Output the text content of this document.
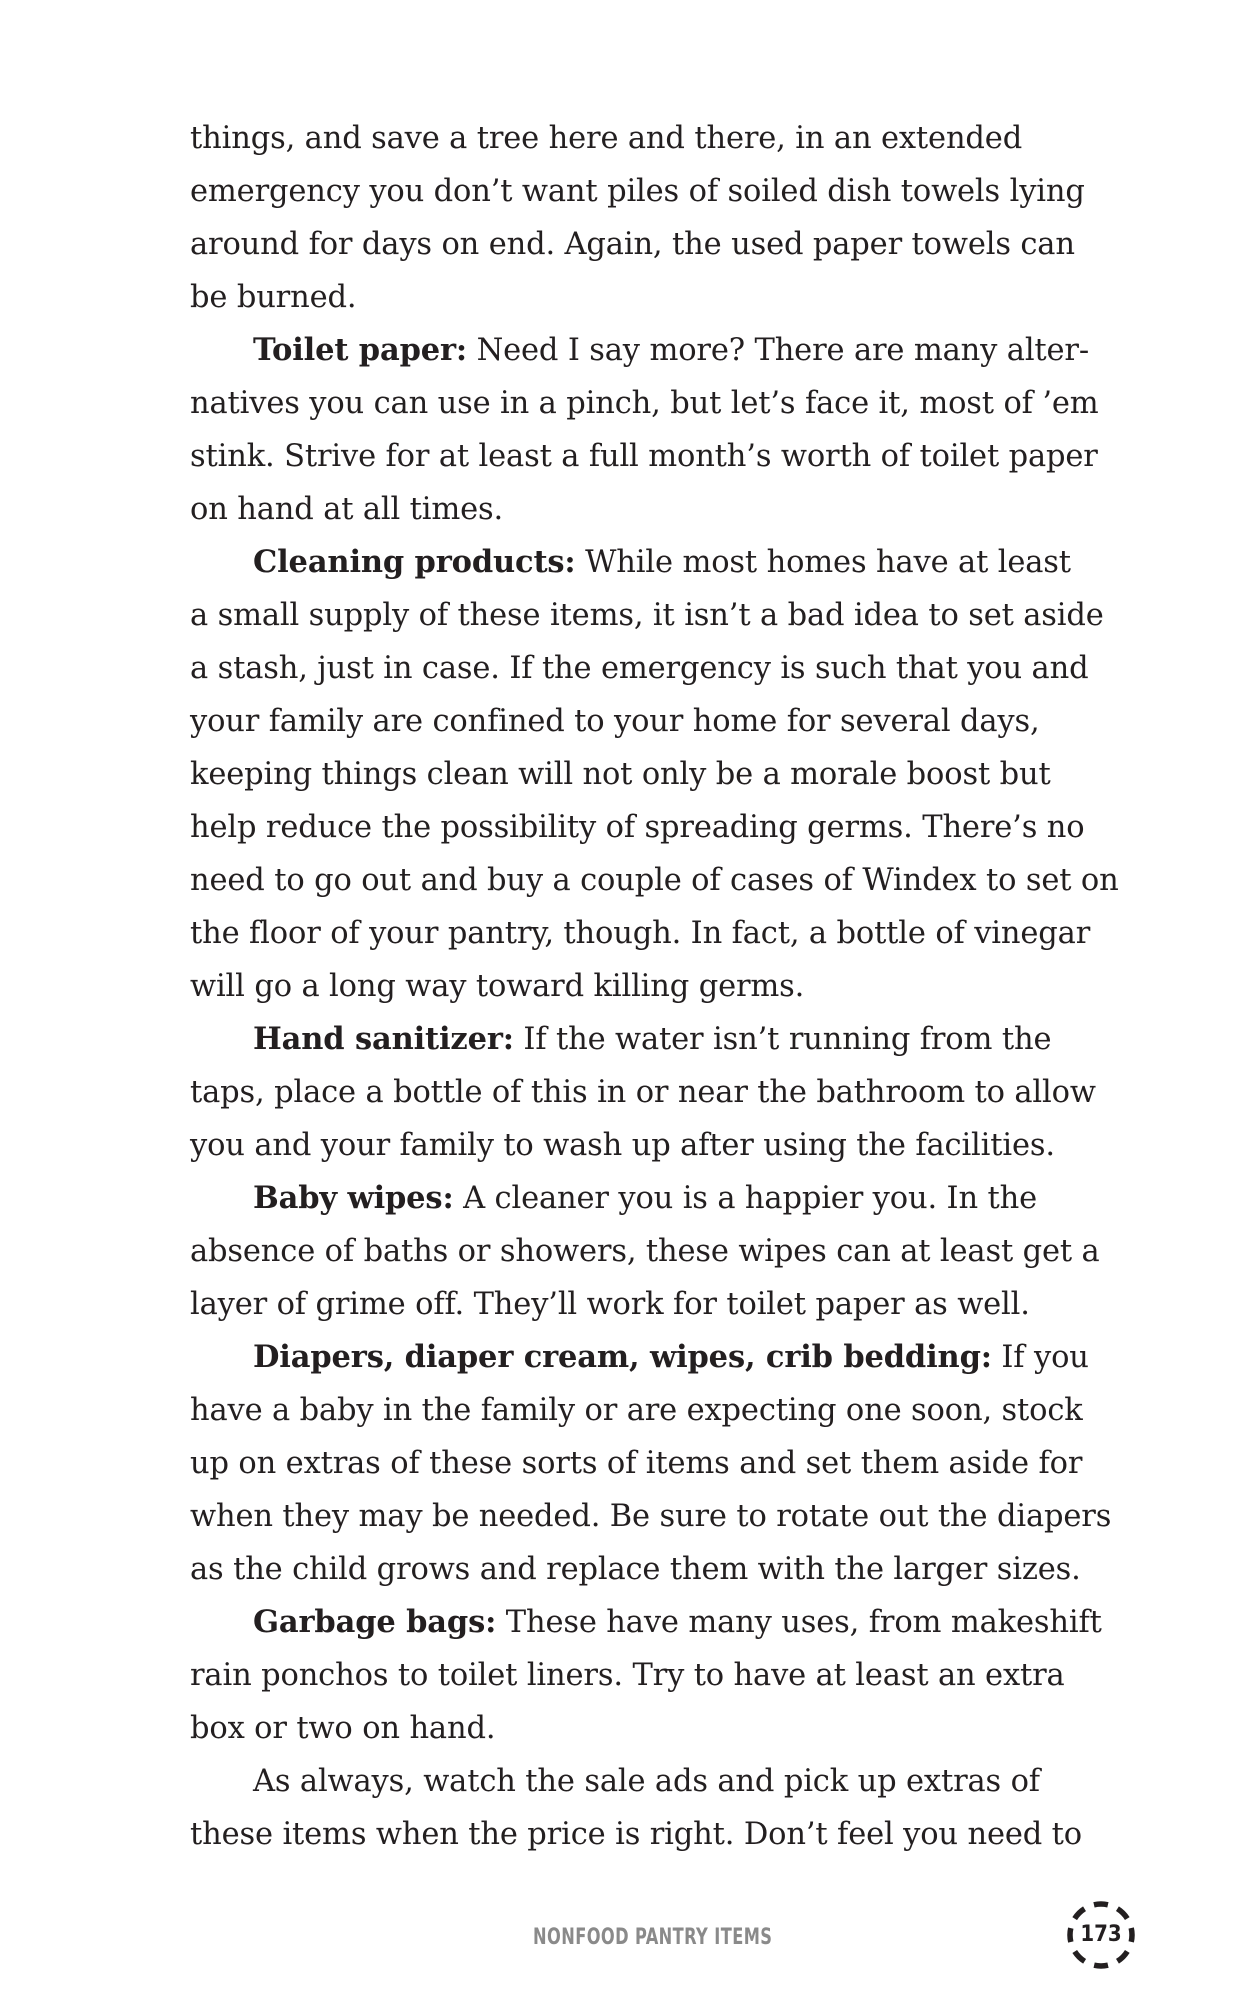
things, and save a tree here and there, in an extended
emergency you don’t want piles of soiled dish towels lying
around for days on end. Again, the used paper towels can
be burned.
Toilet paper: Need I say more? There are many alter-
natives you can use in a pinch, but let’s face it, most of ’em
stink. Strive for at least a full month’s worth of toilet paper
on hand at all times.
Cleaning products: While most homes have at least
a small supply of these items, it isn’t a bad idea to set aside
a stash, just in case. If the emergency is such that you and
your family are confined to your home for several days,
keeping things clean will not only be a morale boost but
help reduce the possibility of spreading germs. There’s no
need to go out and buy a couple of cases of Windex to set on
the floor of your pantry, though. In fact, a bottle of vinegar
will go a long way toward killing germs.
Hand sanitizer: If the water isn’t running from the
taps, place a bottle of this in or near the bathroom to allow
you and your family to wash up after using the facilities.
Baby wipes: A cleaner you is a happier you. In the
absence of baths or showers, these wipes can at least get a
layer of grime off. They’ll work for toilet paper as well.
Diapers, diaper cream, wipes, crib bedding: If you
have a baby in the family or are expecting one soon, stock
up on extras of these sorts of items and set them aside for
when they may be needed. Be sure to rotate out the diapers
as the child grows and replace them with the larger sizes.
Garbage bags: These have many uses, from makeshift
rain ponchos to toilet liners. Try to have at least an extra
box or two on hand.
As always, watch the sale ads and pick up extras of
these items when the price is right. Don’t feel you need to
NONFOOD PANTRY ITEMS	173
